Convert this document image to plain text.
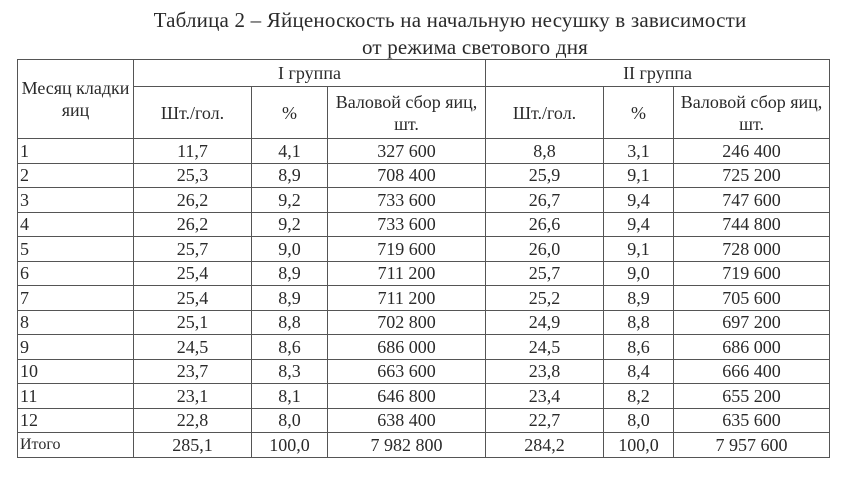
Таблица 2 – Яйценоскость на начальную несушку в зависимости
от режима светового дня
Месяц кладки яиц	I группа			II группа		
	Шт./гол.	%	Валовой сбор яиц, шт.	Шт./гол.	%	Валовой сбор яиц, шт.
1	11,7	4,1	327 600	8,8	3,1	246 400
2	25,3	8,9	708 400	25,9	9,1	725 200
3	26,2	9,2	733 600	26,7	9,4	747 600
4	26,2	9,2	733 600	26,6	9,4	744 800
5	25,7	9,0	719 600	26,0	9,1	728 000
6	25,4	8,9	711 200	25,7	9,0	719 600
7	25,4	8,9	711 200	25,2	8,9	705 600
8	25,1	8,8	702 800	24,9	8,8	697 200
9	24,5	8,6	686 000	24,5	8,6	686 000
10	23,7	8,3	663 600	23,8	8,4	666 400
11	23,1	8,1	646 800	23,4	8,2	655 200
12	22,8	8,0	638 400	22,7	8,0	635 600
Итого	285,1	100,0	7 982 800	284,2	100,0	7 957 600
